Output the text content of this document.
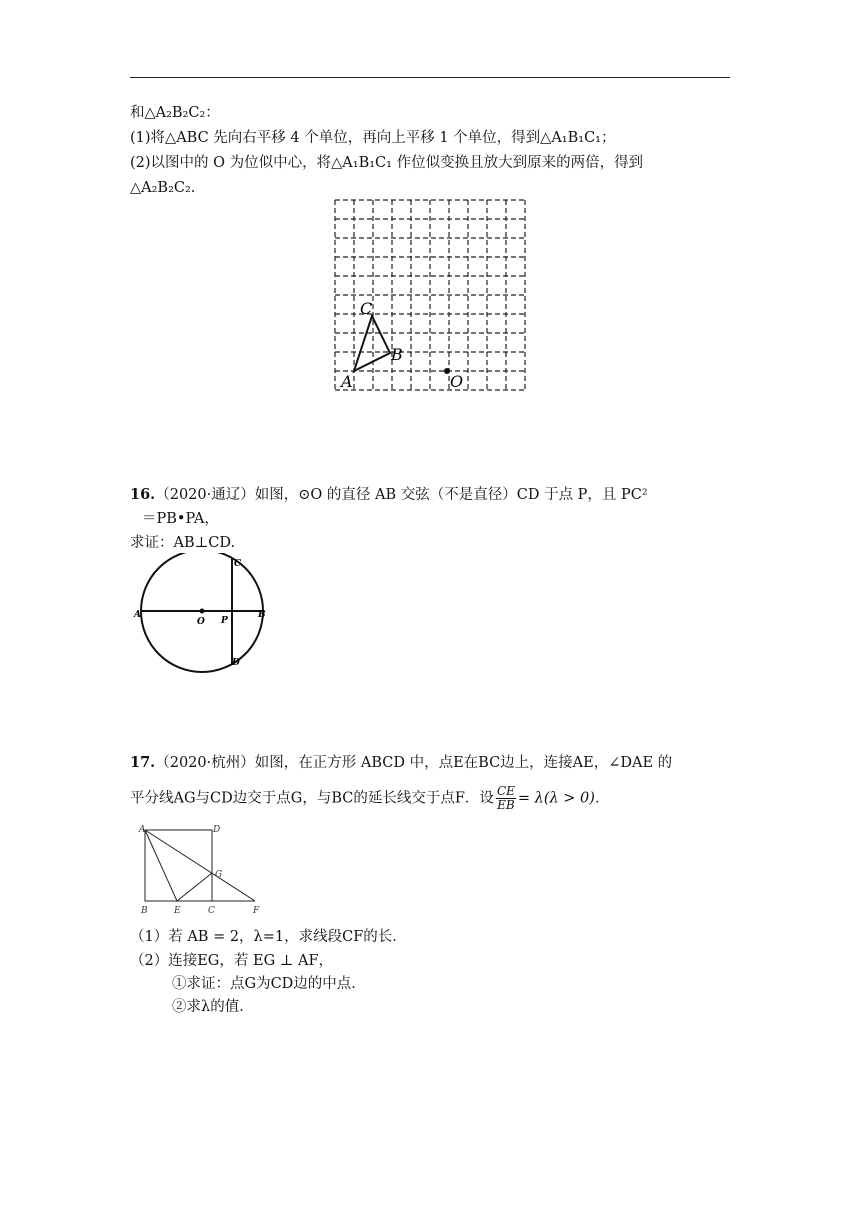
和△A₂B₂C₂：
(1)将△ABC 先向右平移 4 个单位，再向上平移 1 个单位，得到△A₁B₁C₁；
(2)以图中的 O 为位似中心，将△A₁B₁C₁ 作位似变换且放大到原来的两倍，得到
△A₂B₂C₂.
C
B
A	O
16.（2020·通辽）如图，⊙O 的直径 AB 交弦（不是直径）CD 于点 P，且 PC²
＝PB•PA，
求证：AB⊥CD.
A	B
O P
C
D
17.（2020·杭州）如图，在正方形 ABCD 中，点E在BC边上，连接AE，∠DAE 的
平分线AG与CD边交于点G，与BC的延长线交于点F．设 $\frac{CE}{EB} = \lambda(\lambda > 0)$．
A	D
G
B	E	C	F
（1）若 AB = 2，λ=1，求线段CF的长．
（2）连接EG，若 EG ⊥ AF，
①求证：点G为CD边的中点．
②求λ的值．
